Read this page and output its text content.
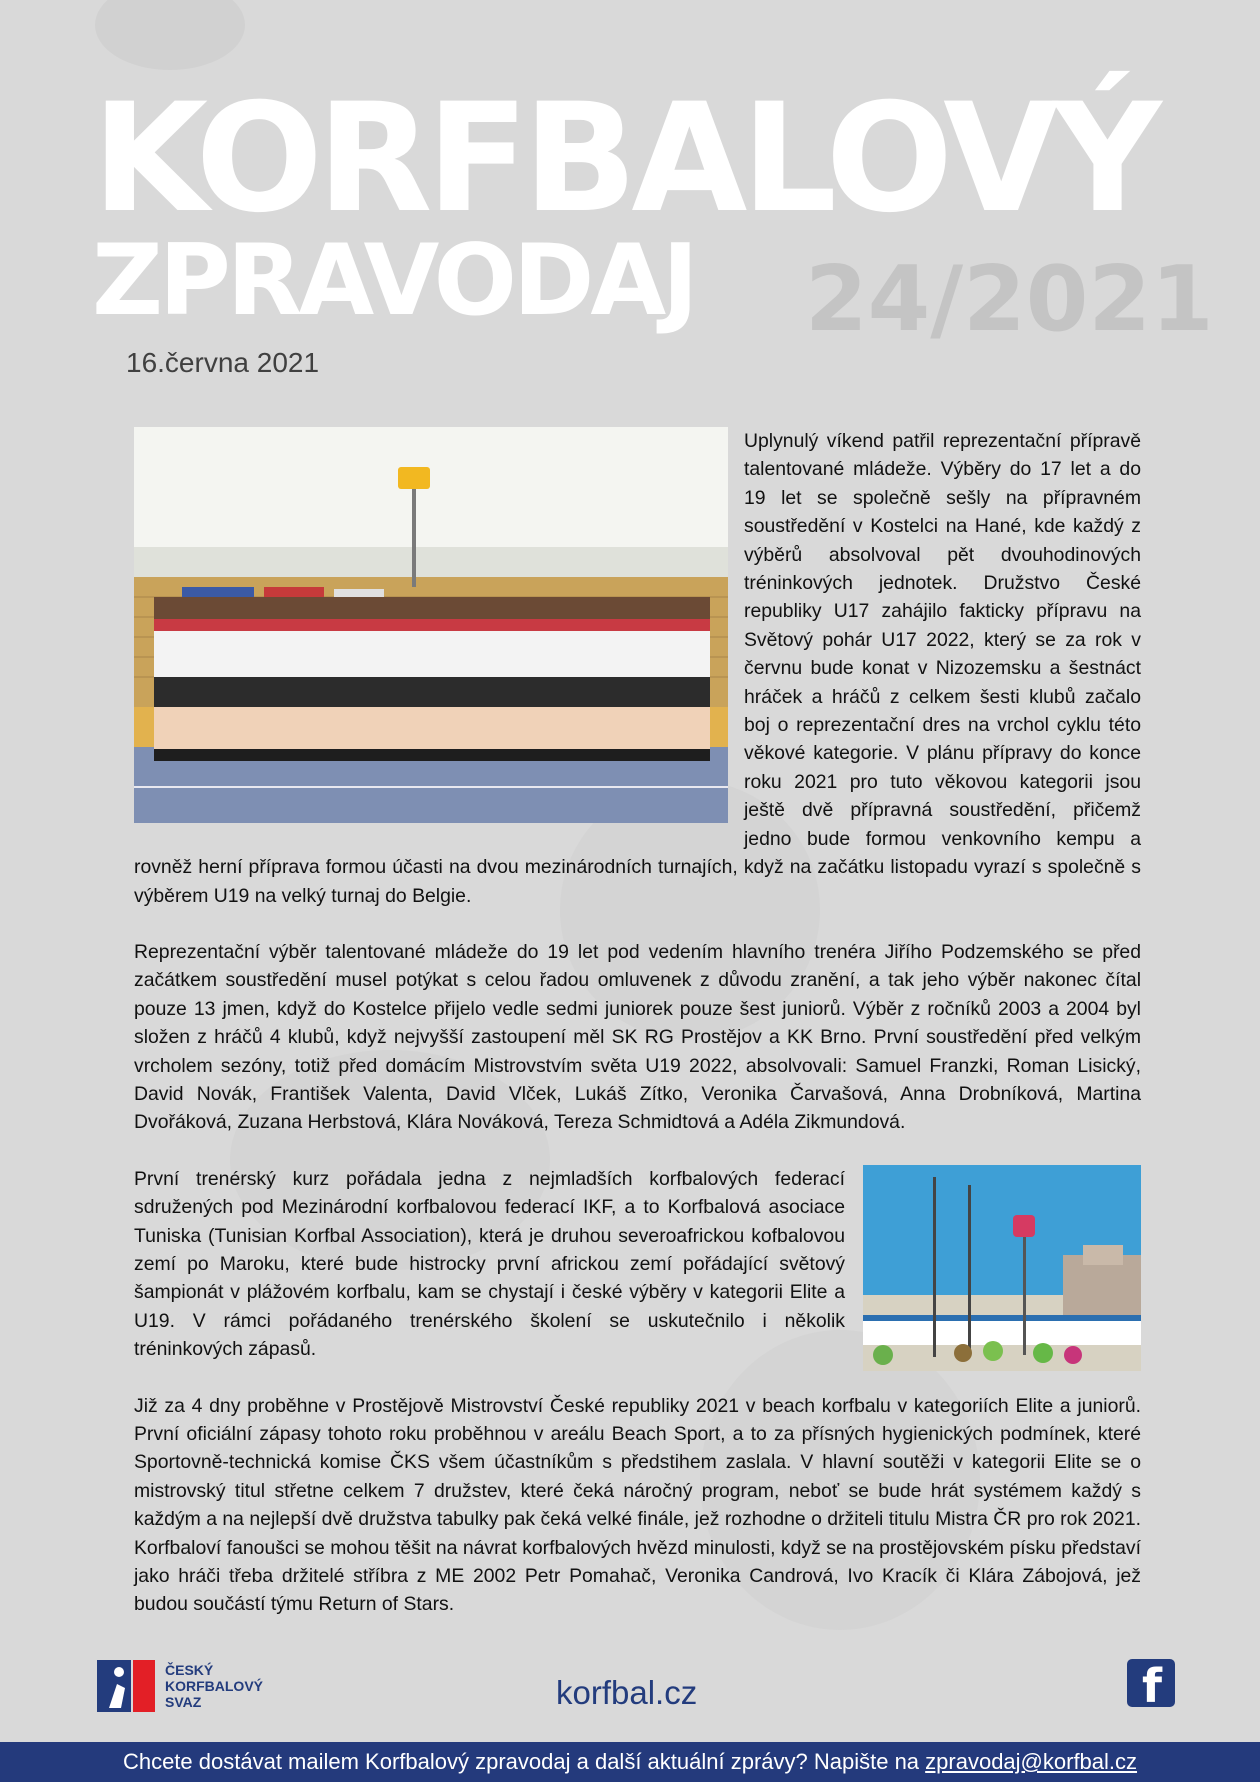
KORFBALOVÝ
ZPRAVODAJ 24/2021
16.června 2021

Uplynulý víkend patřil reprezentační přípravě talentované mládeže. Výběry do 17 let a do 19 let se společně sešly na přípravném soustředění v Kostelci na Hané, kde každý z výběrů absolvoval pět dvouhodinových tréninkových jednotek. Družstvo České republiky U17 zahájilo fakticky přípravu na Světový pohár U17 2022, který se za rok v červnu bude konat v Nizozemsku a šestnáct hráček a hráčů z celkem šesti klubů začalo boj o reprezentační dres na vrchol cyklu této věkové kategorie. V plánu přípravy do konce roku 2021 pro tuto věkovou kategorii jsou ještě dvě přípravná soustředění, přičemž jedno bude formou venkovního kempu a rovněž herní příprava formou účasti na dvou mezinárodních turnajích, když na začátku listopadu vyrazí s společně s výběrem U19 na velký turnaj do Belgie.

Reprezentační výběr talentované mládeže do 19 let pod vedením hlavního trenéra Jiřího Podzemského se před začátkem soustředění musel potýkat s celou řadou omluvenek z důvodu zranění, a tak jeho výběr nakonec čítal pouze 13 jmen, když do Kostelce přijelo vedle sedmi juniorek pouze šest juniorů. Výběr z ročníků 2003 a 2004 byl složen z hráčů 4 klubů, když nejvyšší zastoupení měl SK RG Prostějov a KK Brno. První soustředění před velkým vrcholem sezóny, totiž před domácím Mistrovstvím světa U19 2022, absolvovali: Samuel Franzki, Roman Lisický, David Novák, František Valenta, David Vlček, Lukáš Zítko, Veronika Čarvašová, Anna Drobníková, Martina Dvořáková, Zuzana Herbstová, Klára Nováková, Tereza Schmidtová a Adéla Zikmundová.

První trenérský kurz pořádala jedna z nejmladších korfbalových federací sdružených pod Mezinárodní korfbalovou federací IKF, a to Korfbalová asociace Tuniska (Tunisian Korfbal Association), která je druhou severoafrickou kofbalovou zemí po Maroku, které bude histrocky první africkou zemí pořádající světový šampionát v plážovém korfbalu, kam se chystají i české výběry v kategorii Elite a U19. V rámci pořádaného trenérského školení se uskutečnilo i několik tréninkových zápasů.

Již za 4 dny proběhne v Prostějově Mistrovství České republiky 2021 v beach korfbalu v kategoriích Elite a juniorů. První oficiální zápasy tohoto roku proběhnou v areálu Beach Sport, a to za přísných hygienických podmínek, které Sportovně-technická komise ČKS všem účastníkům s předstihem zaslala. V hlavní soutěži v kategorii Elite se o mistrovský titul střetne celkem 7 družstev, které čeká náročný program, neboť se bude hrát systémem každý s každým a na nejlepší dvě družstva tabulky pak čeká velké finále, jež rozhodne o držiteli titulu Mistra ČR pro rok 2021. Korfbaloví fanoušci se mohou těšit na návrat korfbalových hvězd minulosti, když se na prostějovském písku představí jako hráči třeba držitelé stříbra z ME 2002 Petr Pomahač, Veronika Candrová, Ivo Kracík či Klára Zábojová, jež budou součástí týmu Return of Stars.

ČESKÝ KORFBALOVÝ SVAZ	korfbal.cz	f
Chcete dostávat mailem Korfbalový zpravodaj a další aktuální zprávy? Napište na zpravodaj@korfbal.cz
